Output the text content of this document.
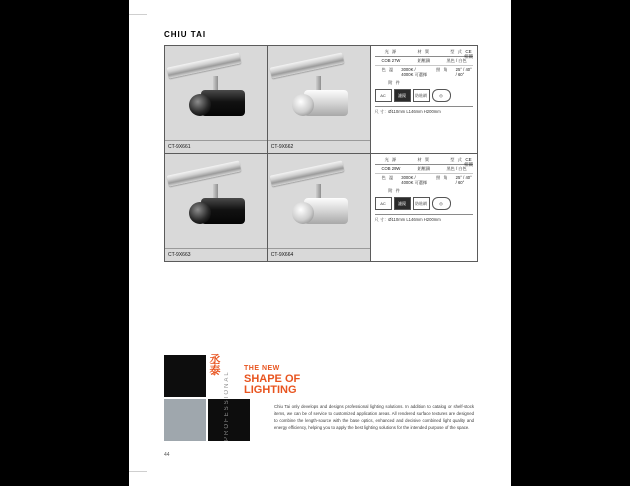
CHIU TAI
CT-9X661	CT-9X662
CE
相關
光 源	材 質	型 式
COB 27W	鋁壓鑄	黑色 / 白色
色 溫	3000K / 4000K 可選擇
照 角	25° / 40° / 60°
附 件
AC	濾鏡	防眩網	◎
尺 寸：Ø110mm L146mm H200mm
CT-9X663	CT-9X664
CE
相關
光 源	材 質	型 式
COB 29W	鋁壓鑄	黑色 / 白色
色 溫	3000K / 4000K 可選擇
照 角	25° / 40° / 60°
附 件
AC	濾鏡	防眩網	◎
尺 寸：Ø110mm L146mm H200mm
丞泰 PROFESSIONAL
THE NEW
SHAPE OF
LIGHTING
Chiu Tai only develops and designs professional lighting solutions. In addition to catalog or shelf-stock items, we can be of service to customized application areas. All rendered surface textures are designed to combine the length-source with the base optics, enhanced and decisive combined light quality and energy efficiency, helping you to apply the best lighting solutions for the intended purpose of the space.
44
